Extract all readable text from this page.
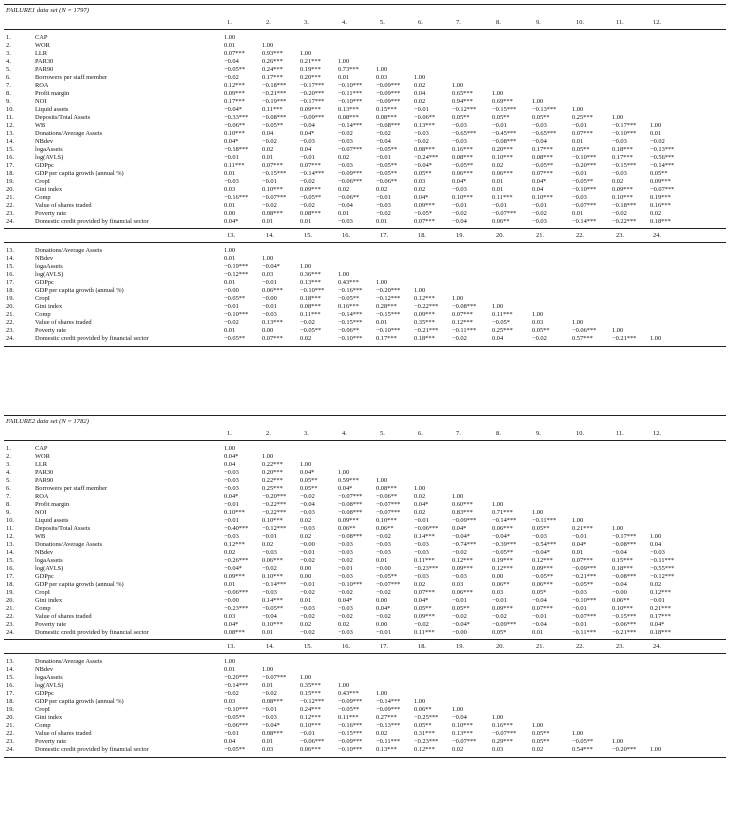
FAILURE1 data set (N = 1797)
1.	2.	3.	4.	5.	6.	7.	8.	9.	10.	11.	12.
1.	CAP	1.00
2.	WOR	0.01	1.00
3.	LLR	0.07***	0.93***	1.00
4.	PAR30	−0.04	0.26***	0.21***	1.00
5.	PAR90	−0.05**	0.24***	0.19***	0.73***	1.00
6.	Borrowers per staff member	−0.02	0.17***	0.20***	0.01	0.03	1.00
7.	ROA	0.12***	−0.18*** −0.17*** −0.10*** −0.09*** 0.02	1.00
8.	Profit margin	0.09***	−0.21*** −0.20*** −0.11*** −0.09*** 0.04	0.65***	1.00
9.	NOI	0.17***	−0.19*** −0.17*** −0.10*** −0.09*** 0.02	0.94***	0.69***	1.00
10.	Liquid assets	−0.04*	0.11***	0.09***	0.13***	0.15***	−0.01	−0.12*** −0.15*** −0.13*** 1.00
11.	Deposits/Total Assets	−0.33*** −0.08*** −0.09*** 0.08***	0.08***	−0.06**	0.05**	0.05**	0.05**	0.25***	1.00
12.	WB	−0.06**	−0.05**	−0.04	−0.14*** −0.08*** 0.13***	−0.03	−0.01	−0.03	−0.01	−0.17*** 1.00
13.	Donations/Average Assets	0.10***	0.04	0.04*	−0.02	−0.02	−0.03	−0.65*** −0.45*** −0.65*** 0.07***	−0.10*** 0.01
14.	NBdev	0.04*	−0.02	−0.03	−0.03	−0.04	−0.02	−0.03	−0.08*** −0.04	0.01	−0.03	−0.02
15.	logaAssets	−0.18*** 0.02	0.04	−0.07*** −0.05**	0.08***	0.16***	0.20***	0.17***	0.05**	0.18***	−0.13***
16.	log(AVLS)	−0.01	0.01	−0.01	0.02	−0.01	−0.24*** 0.08***	0.10***	0.08***	−0.10*** 0.17***	−0.56***
17.	GDPpc	0.11***	0.07***	0.07***	−0.03	−0.05**	−0.04*	−0.05**	0.02	−0.05**	−0.20*** −0.15*** −0.14***
18.	GDP per capita growth (annual %)	0.01	−0.15*** −0.14*** −0.09*** −0.05**	0.05**	0.06***	0.06***	0.07***	−0.01	−0.03	0.05**
19.	CropI	−0.03	−0.01	−0.02	−0.06*** −0.06**	0.03	0.04*	0.01	0.04*	−0.05**	0.02	0.09***
20.	Gini index	0.03	0.10***	0.09***	0.02	0.02	0.02	−0.03	0.01	0.04	−0.10*** 0.09***	−0.07***
21.	Comp	−0.16*** −0.07*** −0.05**	−0.06**	−0.01	0.04*	0.10***	0.11***	0.10***	−0.03	0.10***	0.19***
22.	Value of shares traded	0.01	−0.02	−0.02	−0.04	−0.03	0.09***	−0.01	−0.01	−0.01	−0.07*** −0.18*** 0.16***
23.	Poverty rate	0.00	0.08***	0.08***	0.01	−0.02	−0.05*	−0.02	−0.07*** −0.02	0.01	−0.02	0.02
24.	Domestic credit provided by financial sector	0.04*	0.01	0.01	−0.03	0.01	0.07***	−0.04	0.06**	−0.03	−0.14*** −0.22*** 0.18***
13.	14.	15.	16.	17.	18.	19.	20.	21.	22.	23.	24.
13.	Donations/Average Assets	1.00
14.	NBdev	0.01	1.00
15.	logaAssets	−0.19*** −0.04*	1.00
16.	log(AVLS)	−0.12*** 0.03	0.36***	1.00
17.	GDPpc	0.01	−0.01	0.13***	0.43***	1.00
18.	GDP per capita growth (annual %)	−0.00	0.06***	−0.10*** −0.16*** −0.20*** 1.00
19.	CropI	−0.05**	−0.00	0.18***	−0.05**	−0.12*** 0.12***	1.00
20.	Gini index	−0.01	−0.01	0.08***	0.16***	0.28***	−0.22*** −0.08*** 1.00
21.	Comp	−0.10*** −0.03	0.11***	−0.14*** −0.15*** 0.09***	0.07***	0.11***	1.00
22.	Value of shares traded	−0.02	0.13***	−0.02	−0.15*** 0.01	0.35***	0.12***	−0.05*	0.03	1.00
23.	Poverty rate	0.01	0.00	−0.05**	−0.06**	−0.10*** −0.21*** −0.11*** 0.25***	0.05**	−0.06*** 1.00
24.	Domestic credit provided by financial sector	−0.05**	0.07***	0.02	−0.10*** 0.17***	0.18***	−0.02	0.04	−0.02	0.57***	−0.21*** 1.00
FAILURE2 data set (N = 1782)
1.	2.	3.	4.	5.	6.	7.	8.	9.	10.	11.	12.
1.	CAP	1.00
2.	WOR	0.04*	1.00
3.	LLR	0.04	0.22***	1.00
4.	PAR30	−0.03	0.20***	0.04*	1.00
5.	PAR90	−0.03	0.22***	0.05**	0.59***	1.00
6.	Borrowers per staff member	−0.03	0.25***	0.05**	0.04*	0.08***	1.00
7.	ROA	0.04*	−0.20*** −0.02	−0.07*** −0.06**	0.02	1.00
8.	Profit margin	−0.01	−0.22*** −0.04	−0.08*** −0.07*** 0.04*	0.60***	1.00
9.	NOI	0.10***	−0.22*** −0.03	−0.08*** −0.07*** 0.02	0.83***	0.71***	1.00
10.	Liquid assets	−0.01	0.10***	0.02	0.09***	0.10***	−0.01	−0.09*** −0.14*** −0.11*** 1.00
11.	Deposits/Total Assets	−0.40*** −0.12*** −0.03	0.06**	0.06**	−0.06*** 0.04*	0.06***	0.05**	0.21***	1.00
12.	WB	−0.03	−0.01	0.02	−0.08*** −0.02	0.14***	−0.04*	−0.04*	−0.03	−0.01	−0.17*** 1.00
13.	Donations/Average Assets	0.12***	0.02	−0.00	−0.03	−0.03	−0.03	−0.74*** −0.39*** −0.54*** 0.04*	−0.08*** 0.04
14.	NBdev	0.02	−0.03	−0.01	−0.03	−0.03	−0.03	−0.02	−0.05**	−0.04*	0.01	−0.04	−0.03
15.	logaAssets	−0.26*** 0.06***	−0.02	−0.02	0.01	0.11***	0.12***	0.19***	0.12***	0.07***	0.15***	−0.11***
16.	log(AVLS)	−0.04*	−0.02	0.00	−0.01	−0.00	−0.23*** 0.09***	0.12***	0.09***	−0.09*** 0.18***	−0.55***
17.	GDPpc	0.09***	0.10***	0.00	−0.03	−0.05**	−0.03	−0.03	0.00	−0.05**	−0.21*** −0.08*** −0.12***
18.	GDP per capita growth (annual %)	0.01	−0.14*** −0.01	−0.10*** −0.07*** 0.02	0.03	0.06**	0.06***	−0.05**	−0.04	0.02
19.	CropI	−0.06*** −0.03	−0.02	−0.02	−0.02	0.07***	0.06***	0.03	0.05*	−0.03	−0.00	0.12***
20.	Gini index	−0.00	0.14***	0.01	0.04*	0.00	0.04*	−0.01	−0.01	−0.04	−0.10*** 0.06**	−0.01
21.	Comp	−0.23*** −0.05**	−0.03	−0.03	0.04*	0.05**	0.05**	0.09***	0.07***	−0.01	0.10***	0.21***
22.	Value of shares traded	0.03	−0.04	−0.02	−0.02	−0.02	0.09***	−0.02	−0.02	−0.01	−0.07*** −0.15*** 0.17***
23.	Poverty rate	0.04*	0.10***	0.02	0.02	0.00	−0.02	−0.04*	−0.09*** −0.04	−0.01	−0.06*** 0.04*
24.	Domestic credit provided by financial sector	0.08***	0.01	−0.02	−0.03	−0.01	0.11***	−0.00	0.05*	0.01	−0.11*** −0.21*** 0.18***
13.	14.	15.	16.	17.	18.	19.	20.	21.	22.	23.	24.
13.	Donations/Average Assets	1.00
14.	NBdev	0.01	1.00
15.	logaAssets	−0.20*** −0.07*** 1.00
16.	log(AVLS)	−0.14*** 0.01	0.35***	1.00
17.	GDPpc	−0.02	−0.02	0.15***	0.43***	1.00
18.	GDP per capita growth (annual %)	0.03	0.08***	−0.12*** −0.09*** −0.14*** 1.00
19.	CropI	−0.10*** −0.01	0.24***	−0.05**	−0.09*** 0.06**	1.00
20.	Gini index	−0.05**	−0.03	0.12***	0.11***	0.27***	−0.25*** −0.04	1.00
21.	Comp	−0.06*** −0.04*	0.10***	−0.16*** −0.13*** 0.05**	0.10***	0.16***	1.00
22.	Value of shares traded	−0.01	0.08***	−0.01	−0.15*** 0.02	0.31***	0.13***	−0.07*** 0.05**	1.00
23.	Poverty rate	0.04	0.01	−0.06*** −0.09*** −0.11*** −0.23*** −0.07*** 0.29***	0.05**	−0.05**	1.00
24.	Domestic credit provided by financial sector	−0.05**	0.03	0.06***	−0.10*** 0.13***	0.12***	0.02	0.03	0.02	0.54***	−0.20*** 1.00
